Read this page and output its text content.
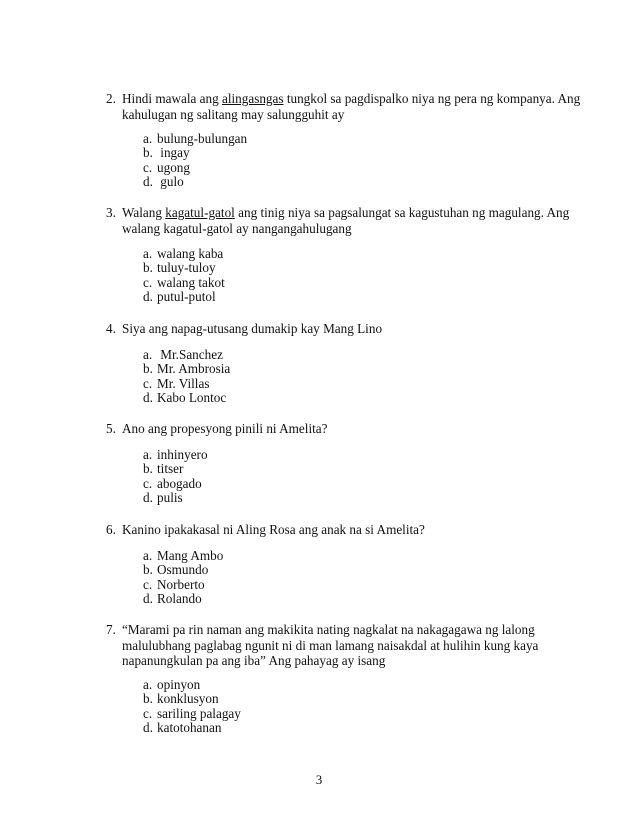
2. Hindi mawala ang alingasngas tungkol sa pagdispalko niya ng pera ng kompanya. Ang kahulugan ng salitang may salungguhit ay
a. bulung-bulungan
b. ingay
c. ugong
d. gulo
3. Walang kagatul-gatol ang tinig niya sa pagsalungat sa kagustuhan ng magulang. Ang walang kagatul-gatol ay nangangahulugang
a. walang kaba
b. tuluy-tuloy
c. walang takot
d. putul-putol
4. Siya ang napag-utusang dumakip kay Mang Lino
a. Mr.Sanchez
b. Mr. Ambrosia
c. Mr. Villas
d. Kabo Lontoc
5. Ano ang propesyong pinili ni Amelita?
a. inhinyero
b. titser
c. abogado
d. pulis
6. Kanino ipakakasal ni Aling Rosa ang anak na si Amelita?
a. Mang Ambo
b. Osmundo
c. Norberto
d. Rolando
7. “Marami pa rin naman ang makikita nating nagkalat na nakagagawa ng lalong malulubhang paglabag ngunit ni di man lamang naisakdal at hulihin kung kaya napanungkulan pa ang iba” Ang pahayag ay isang
a. opinyon
b. konklusyon
c. sariling palagay
d. katotohanan
3
